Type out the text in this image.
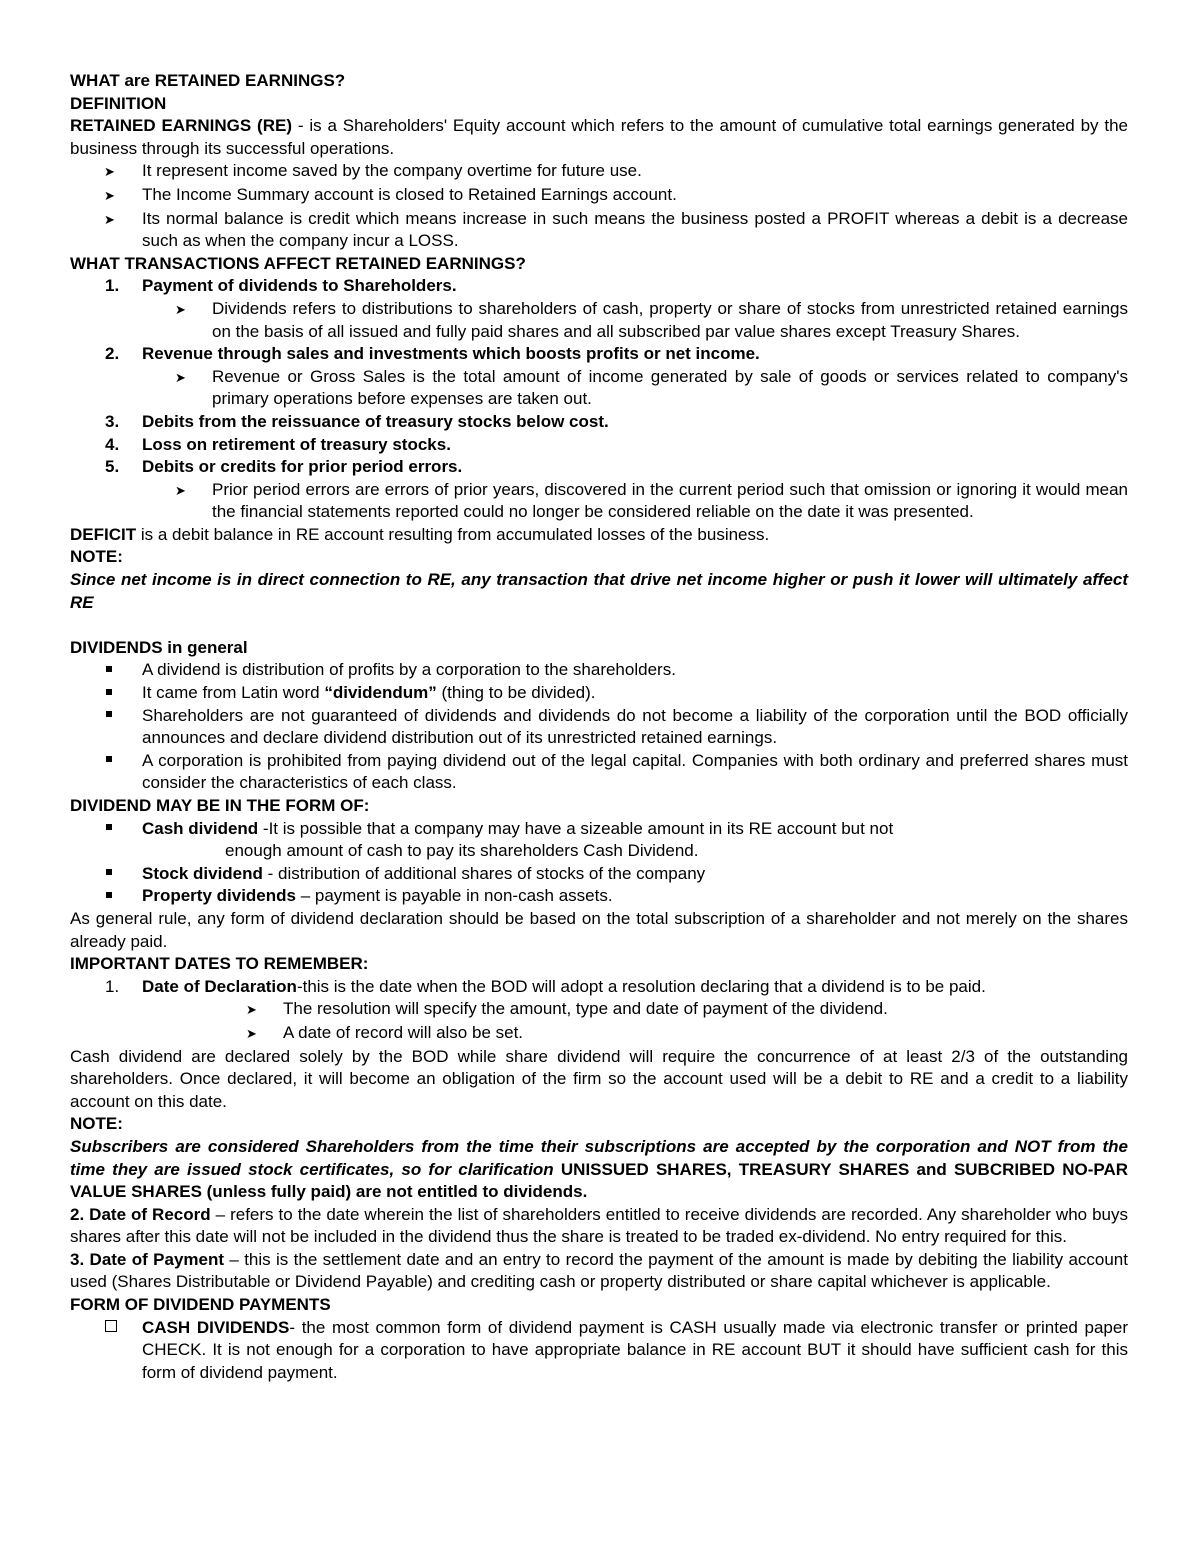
WHAT are RETAINED EARNINGS?

DEFINITION

RETAINED EARNINGS (RE) - is a Shareholders' Equity account which refers to the amount of cumulative total earnings generated by the business through its successful operations.

➤	It represent income saved by the company overtime for future use.
➤	The Income Summary account is closed to Retained Earnings account.
➤	Its normal balance is credit which means increase in such means the business posted a PROFIT whereas a debit is a decrease such as when the company incur a LOSS.

WHAT TRANSACTIONS AFFECT RETAINED EARNINGS?

1.	Payment of dividends to Shareholders.
➤	Dividends refers to distributions to shareholders of cash, property or share of stocks from unrestricted retained earnings on the basis of all issued and fully paid shares and all subscribed par value shares except Treasury Shares.
2.	Revenue through sales and investments which boosts profits or net income.
➤	Revenue or Gross Sales is the total amount of income generated by sale of goods or services related to company's primary operations before expenses are taken out.
3.	Debits from the reissuance of treasury stocks below cost.
4.	Loss on retirement of treasury stocks.
5.	Debits or credits for prior period errors.
➤	Prior period errors are errors of prior years, discovered in the current period such that omission or ignoring it would mean the financial statements reported could no longer be considered reliable on the date it was presented.

DEFICIT is a debit balance in RE account resulting from accumulated losses of the business.

NOTE:

Since net income is in direct connection to RE, any transaction that drive net income higher or push it lower will ultimately affect RE

DIVIDENDS in general

A dividend is distribution of profits by a corporation to the shareholders.
It came from Latin word “dividendum” (thing to be divided).
Shareholders are not guaranteed of dividends and dividends do not become a liability of the corporation until the BOD officially announces and declare dividend distribution out of its unrestricted retained earnings.
A corporation is prohibited from paying dividend out of the legal capital. Companies with both ordinary and preferred shares must consider the characteristics of each class.

DIVIDEND MAY BE IN THE FORM OF:

Cash dividend -It is possible that a company may have a sizeable amount in its RE account but not

enough amount of cash to pay its shareholders Cash Dividend.

Stock dividend - distribution of additional shares of stocks of the company
Property dividends – payment is payable in non-cash assets.

As general rule, any form of dividend declaration should be based on the total subscription of a shareholder and not merely on the shares already paid.

IMPORTANT DATES TO REMEMBER:

1.	Date of Declaration-this is the date when the BOD will adopt a resolution declaring that a dividend is to be paid.
➤	The resolution will specify the amount, type and date of payment of the dividend.
➤	A date of record will also be set.

Cash dividend are declared solely by the BOD while share dividend will require the concurrence of at least 2/3 of the outstanding shareholders. Once declared, it will become an obligation of the firm so the account used will be a debit to RE and a credit to a liability account on this date.

NOTE:

Subscribers are considered Shareholders from the time their subscriptions are accepted by the corporation and NOT from the time they are issued stock certificates, so for clarification UNISSUED SHARES, TREASURY SHARES and SUBCRIBED NO-PAR VALUE SHARES (unless fully paid) are not entitled to dividends.

2. Date of Record – refers to the date wherein the list of shareholders entitled to receive dividends are recorded. Any shareholder who buys shares after this date will not be included in the dividend thus the share is treated to be traded ex-dividend. No entry required for this.

3. Date of Payment – this is the settlement date and an entry to record the payment of the amount is made by debiting the liability account used (Shares Distributable or Dividend Payable) and crediting cash or property distributed or share capital whichever is applicable.

FORM OF DIVIDEND PAYMENTS

CASH DIVIDENDS- the most common form of dividend payment is CASH usually made via electronic transfer or printed paper CHECK. It is not enough for a corporation to have appropriate balance in RE account BUT it should have sufficient cash for this form of dividend payment.
